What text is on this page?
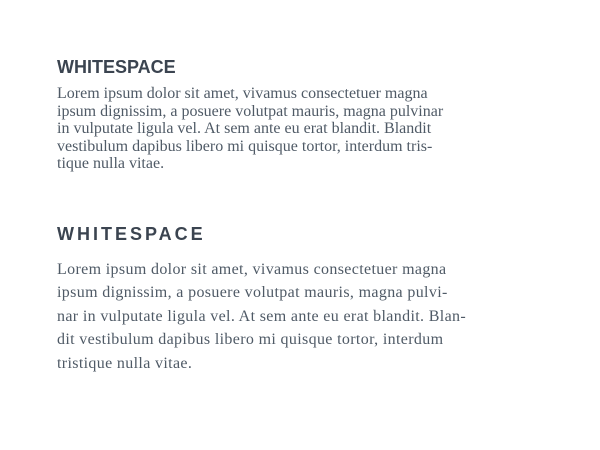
WHITESPACE
Lorem ipsum dolor sit amet, vivamus consectetuer magna
ipsum dignissim, a posuere volutpat mauris, magna pulvinar
in vulputate ligula vel. At sem ante eu erat blandit. Blandit
vestibulum dapibus libero mi quisque tortor, interdum tris-
tique nulla vitae.
WHITESPACE
Lorem ipsum dolor sit amet, vivamus consectetuer magna
ipsum dignissim, a posuere volutpat mauris, magna pulvi-
nar in vulputate ligula vel. At sem ante eu erat blandit. Blan-
dit vestibulum dapibus libero mi quisque tortor, interdum
tristique nulla vitae.
